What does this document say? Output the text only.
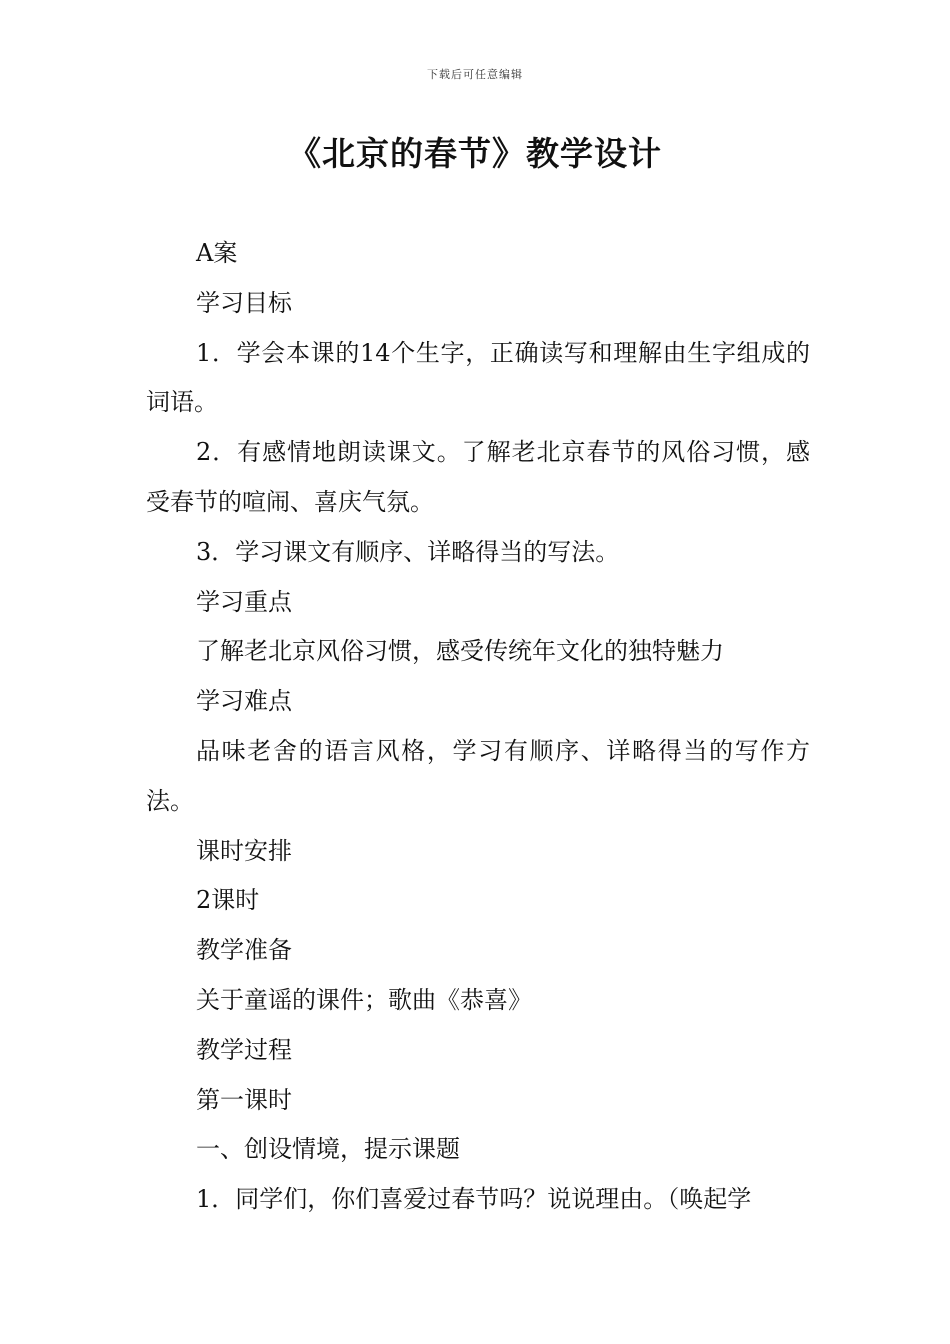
下载后可任意编辑
《北京的春节》教学设计

A案

学习目标

1．学会本课的14个生字，正确读写和理解由生字组成的词语。

2．有感情地朗读课文。了解老北京春节的风俗习惯，感受春节的喧闹、喜庆气氛。

3．学习课文有顺序、详略得当的写法。

学习重点

了解老北京风俗习惯，感受传统年文化的独特魅力

学习难点

品味老舍的语言风格，学习有顺序、详略得当的写作方法。

课时安排

2课时

教学准备

关于童谣的课件；歌曲《恭喜》

教学过程

第一课时

一、创设情境，提示课题

1．同学们，你们喜爱过春节吗？说说理由。（唤起学
